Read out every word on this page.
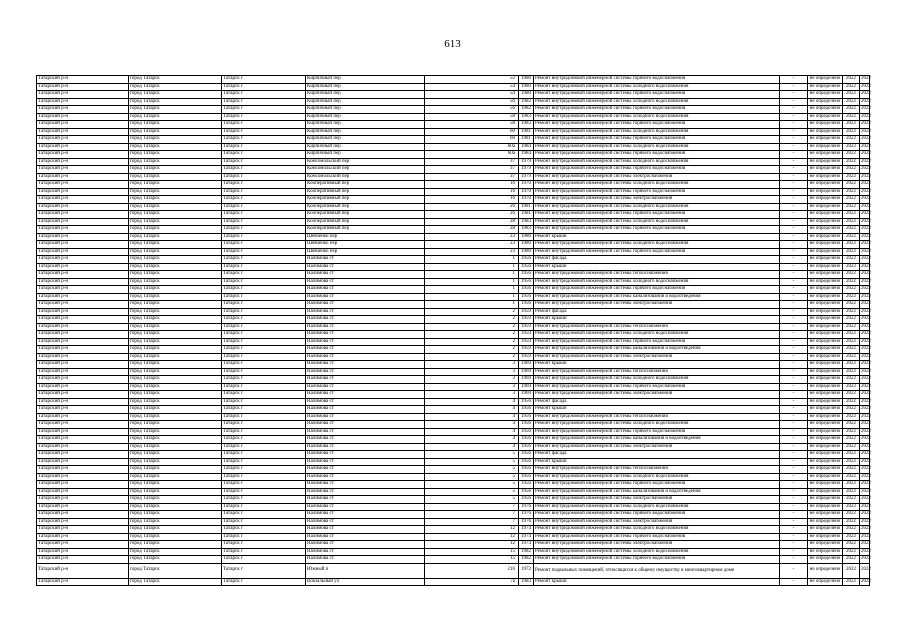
613
Татарский р-н	город Татарск	Татарск г	Кирпичный пер	52	1980	Ремонт внутридомовой инженерной системы горячего водоснабжения	-	не определено	2022	2022
Татарский р-н	город Татарск	Татарск г	Кирпичный пер	54	1980	Ремонт внутридомовой инженерной системы холодного водоснабжения	-	не определено	2022	2022
Татарский р-н	город Татарск	Татарск г	Кирпичный пер	54	1980	Ремонт внутридомовой инженерной системы горячего водоснабжения	-	не определено	2022	2022
Татарский р-н	город Татарск	Татарск г	Кирпичный пер	56	1982	Ремонт внутридомовой инженерной системы холодного водоснабжения	-	не определено	2022	2022
Татарский р-н	город Татарск	Татарск г	Кирпичный пер	56	1982	Ремонт внутридомовой инженерной системы горячего водоснабжения	-	не определено	2022	2022
Татарский р-н	город Татарск	Татарск г	Кирпичный пер	58	1983	Ремонт внутридомовой инженерной системы холодного водоснабжения	-	не определено	2022	2022
Татарский р-н	город Татарск	Татарск г	Кирпичный пер	58	1983	Ремонт внутридомовой инженерной системы горячего водоснабжения	-	не определено	2022	2022
Татарский р-н	город Татарск	Татарск г	Кирпичный пер	60	1981	Ремонт внутридомовой инженерной системы холодного водоснабжения	-	не определено	2022	2022
Татарский р-н	город Татарск	Татарск г	Кирпичный пер	60	1981	Ремонт внутридомовой инженерной системы горячего водоснабжения	-	не определено	2022	2022
Татарский р-н	город Татарск	Татарск г	Кирпичный пер	60а	1984	Ремонт внутридомовой инженерной системы холодного водоснабжения	-	не определено	2022	2022
Татарский р-н	город Татарск	Татарск г	Кирпичный пер	60а	1984	Ремонт внутридомовой инженерной системы горячего водоснабжения	-	не определено	2022	2022
Татарский р-н	город Татарск	Татарск г	Комсомольский пер	37	1979	Ремонт внутридомовой инженерной системы холодного водоснабжения	-	не определено	2022	2022
Татарский р-н	город Татарск	Татарск г	Комсомольский пер	37	1979	Ремонт внутридомовой инженерной системы горячего водоснабжения	-	не определено	2022	2022
Татарский р-н	город Татарск	Татарск г	Комсомольский пер	37	1979	Ремонт внутридомовой инженерной системы электроснабжения	-	не определено	2022	2022
Татарский р-н	город Татарск	Татарск г	Кооперативный пер	16	1970	Ремонт внутридомовой инженерной системы холодного водоснабжения	-	не определено	2022	2022
Татарский р-н	город Татарск	Татарск г	Кооперативный пер	16	1970	Ремонт внутридомовой инженерной системы горячего водоснабжения	-	не определено	2022	2022
Татарский р-н	город Татарск	Татарск г	Кооперативный пер	16	1970	Ремонт внутридомовой инженерной системы электроснабжения	-	не определено	2022	2022
Татарский р-н	город Татарск	Татарск г	Кооперативный пер	26	1981	Ремонт внутридомовой инженерной системы холодного водоснабжения	-	не определено	2022	2022
Татарский р-н	город Татарск	Татарск г	Кооперативный пер	26	1981	Ремонт внутридомовой инженерной системы горячего водоснабжения	-	не определено	2022	2022
Татарский р-н	город Татарск	Татарск г	Кооперативный пер	28	1983	Ремонт внутридомовой инженерной системы холодного водоснабжения	-	не определено	2022	2022
Татарский р-н	город Татарск	Татарск г	Кооперативный пер	28	1983	Ремонт внутридомовой инженерной системы горячего водоснабжения	-	не определено	2022	2022
Татарский р-н	город Татарск	Татарск г	Шевченко пер	23	1980	Ремонт крыши	-	не определено	2022	2022
Татарский р-н	город Татарск	Татарск г	Шевченко пер	23	1980	Ремонт внутридомовой инженерной системы холодного водоснабжения	-	не определено	2022	2022
Татарский р-н	город Татарск	Татарск г	Шевченко пер	23	1980	Ремонт внутридомовой инженерной системы горячего водоснабжения	-	не определено	2022	2022
Татарский р-н	город Татарск	Татарск г	Налимова ст	1	1956	Ремонт фасада	-	не определено	2022	2022
Татарский р-н	город Татарск	Татарск г	Налимова ст	1	1956	Ремонт крыши	-	не определено	2022	2022
Татарский р-н	город Татарск	Татарск г	Налимова ст	1	1956	Ремонт внутридомовой инженерной системы теплоснабжения	-	не определено	2022	2022
Татарский р-н	город Татарск	Татарск г	Налимова ст	1	1956	Ремонт внутридомовой инженерной системы холодного водоснабжения	-	не определено	2022	2022
Татарский р-н	город Татарск	Татарск г	Налимова ст	1	1956	Ремонт внутридомовой инженерной системы горячего водоснабжения	-	не определено	2022	2022
Татарский р-н	город Татарск	Татарск г	Налимова ст	1	1956	Ремонт внутридомовой инженерной системы канализования и водоотведения	-	не определено	2022	2022
Татарский р-н	город Татарск	Татарск г	Налимова ст	1	1956	Ремонт внутридомовой инженерной системы электроснабжения	-	не определено	2022	2022
Татарский р-н	город Татарск	Татарск г	Налимова ст	2	1959	Ремонт фасада	-	не определено	2022	2022
Татарский р-н	город Татарск	Татарск г	Налимова ст	2	1959	Ремонт крыши	-	не определено	2022	2022
Татарский р-н	город Татарск	Татарск г	Налимова ст	2	1959	Ремонт внутридомовой инженерной системы теплоснабжения	-	не определено	2022	2022
Татарский р-н	город Татарск	Татарск г	Налимова ст	2	1959	Ремонт внутридомовой инженерной системы холодного водоснабжения	-	не определено	2022	2022
Татарский р-н	город Татарск	Татарск г	Налимова ст	2	1959	Ремонт внутридомовой инженерной системы горячего водоснабжения	-	не определено	2022	2022
Татарский р-н	город Татарск	Татарск г	Налимова ст	2	1959	Ремонт внутридомовой инженерной системы канализования и водоотведения	-	не определено	2022	2022
Татарский р-н	город Татарск	Татарск г	Налимова ст	2	1959	Ремонт внутридомовой инженерной системы электроснабжения	-	не определено	2022	2022
Татарский р-н	город Татарск	Татарск г	Налимова ст	3	1969	Ремонт крыши	-	не определено	2022	2022
Татарский р-н	город Татарск	Татарск г	Налимова ст	3	1969	Ремонт внутридомовой инженерной системы теплоснабжения	-	не определено	2022	2022
Татарский р-н	город Татарск	Татарск г	Налимова ст	3	1969	Ремонт внутридомовой инженерной системы холодного водоснабжения	-	не определено	2022	2022
Татарский р-н	город Татарск	Татарск г	Налимова ст	3	1969	Ремонт внутридомовой инженерной системы горячего водоснабжения	-	не определено	2022	2022
Татарский р-н	город Татарск	Татарск г	Налимова ст	3	1969	Ремонт внутридомовой инженерной системы электроснабжения	-	не определено	2022	2022
Татарский р-н	город Татарск	Татарск г	Налимова ст	4	1956	Ремонт фасада	-	не определено	2022	2022
Татарский р-н	город Татарск	Татарск г	Налимова ст	4	1956	Ремонт крыши	-	не определено	2022	2022
Татарский р-н	город Татарск	Татарск г	Налимова ст	4	1956	Ремонт внутридомовой инженерной системы теплоснабжения	-	не определено	2022	2022
Татарский р-н	город Татарск	Татарск г	Налимова ст	4	1956	Ремонт внутридомовой инженерной системы холодного водоснабжения	-	не определено	2022	2022
Татарский р-н	город Татарск	Татарск г	Налимова ст	4	1956	Ремонт внутридомовой инженерной системы горячего водоснабжения	-	не определено	2022	2022
Татарский р-н	город Татарск	Татарск г	Налимова ст	4	1956	Ремонт внутридомовой инженерной системы канализования и водоотведения	-	не определено	2022	2022
Татарский р-н	город Татарск	Татарск г	Налимова ст	4	1956	Ремонт внутридомовой инженерной системы электроснабжения	-	не определено	2022	2022
Татарский р-н	город Татарск	Татарск г	Налимова ст	5	1956	Ремонт фасада	-	не определено	2022	2022
Татарский р-н	город Татарск	Татарск г	Налимова ст	5	1956	Ремонт крыши	-	не определено	2022	2022
Татарский р-н	город Татарск	Татарск г	Налимова ст	5	1956	Ремонт внутридомовой инженерной системы теплоснабжения	-	не определено	2022	2022
Татарский р-н	город Татарск	Татарск г	Налимова ст	5	1956	Ремонт внутридомовой инженерной системы холодного водоснабжения	-	не определено	2022	2022
Татарский р-н	город Татарск	Татарск г	Налимова ст	5	1956	Ремонт внутридомовой инженерной системы горячего водоснабжения	-	не определено	2022	2022
Татарский р-н	город Татарск	Татарск г	Налимова ст	5	1956	Ремонт внутридомовой инженерной системы канализования и водоотведения	-	не определено	2022	2022
Татарский р-н	город Татарск	Татарск г	Налимова ст	5	1956	Ремонт внутридомовой инженерной системы электроснабжения	-	не определено	2022	2022
Татарский р-н	город Татарск	Татарск г	Налимова ст	7	1976	Ремонт внутридомовой инженерной системы холодного водоснабжения	-	не определено	2022	2022
Татарский р-н	город Татарск	Татарск г	Налимова ст	7	1976	Ремонт внутридомовой инженерной системы горячего водоснабжения	-	не определено	2022	2022
Татарский р-н	город Татарск	Татарск г	Налимова ст	7	1976	Ремонт внутридомовой инженерной системы электроснабжения	-	не определено	2022	2022
Татарский р-н	город Татарск	Татарск г	Налимова ст	12	1974	Ремонт внутридомовой инженерной системы холодного водоснабжения	-	не определено	2022	2022
Татарский р-н	город Татарск	Татарск г	Налимова ст	12	1974	Ремонт внутридомовой инженерной системы горячего водоснабжения	-	не определено	2022	2022
Татарский р-н	город Татарск	Татарск г	Налимова ст	12	1974	Ремонт внутридомовой инженерной системы электроснабжения	-	не определено	2022	2022
Татарский р-н	город Татарск	Татарск г	Налимова ст	15	1982	Ремонт внутридомовой инженерной системы холодного водоснабжения	-	не определено	2022	2022
Татарский р-н	город Татарск	Татарск г	Налимова ст	15	1982	Ремонт внутридомовой инженерной системы горячего водоснабжения	-	не определено	2022	2022
Татарский р-н	город Татарск	Татарск г	Южный п	216	1972	Ремонт подвальных помещений, относящихся к общему имуществу в многоквартирном доме	-	не определено	2022	2022
Татарский р-н	город Татарск	Татарск г	Вокзальный ул	7а	1983	Ремонт крыши	-	не определено	2022	2022
